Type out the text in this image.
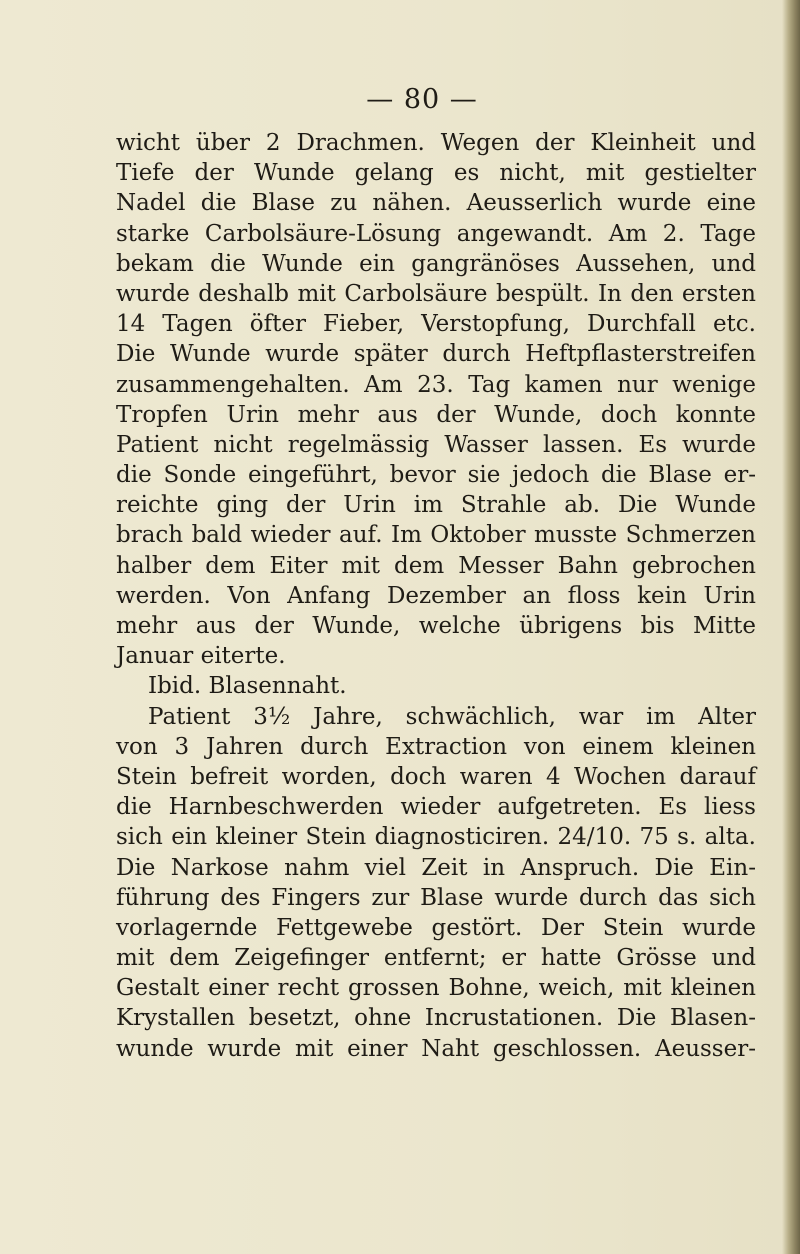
— 80 —
wicht über 2 Drachmen. Wegen der Kleinheit und
Tiefe der Wunde gelang es nicht, mit gestielter
Nadel die Blase zu nähen. Aeusserlich wurde eine
starke Carbolsäure-Lösung angewandt. Am 2. Tage
bekam die Wunde ein gangränöses Aussehen, und
wurde deshalb mit Carbolsäure bespült. In den ersten
14 Tagen öfter Fieber, Verstopfung, Durchfall etc.
Die Wunde wurde später durch Heftpflasterstreifen
zusammengehalten. Am 23. Tag kamen nur wenige
Tropfen Urin mehr aus der Wunde, doch konnte
Patient nicht regelmässig Wasser lassen. Es wurde
die Sonde eingeführt, bevor sie jedoch die Blase er-
reichte ging der Urin im Strahle ab. Die Wunde
brach bald wieder auf. Im Oktober musste Schmerzen
halber dem Eiter mit dem Messer Bahn gebrochen
werden. Von Anfang Dezember an floss kein Urin
mehr aus der Wunde, welche übrigens bis Mitte
Januar eiterte.
Ibid. Blasennaht.
Patient 3½ Jahre, schwächlich, war im Alter
von 3 Jahren durch Extraction von einem kleinen
Stein befreit worden, doch waren 4 Wochen darauf
die Harnbeschwerden wieder aufgetreten. Es liess
sich ein kleiner Stein diagnosticiren. 24/10. 75 s. alta.
Die Narkose nahm viel Zeit in Anspruch. Die Ein-
führung des Fingers zur Blase wurde durch das sich
vorlagernde Fettgewebe gestört. Der Stein wurde
mit dem Zeigefinger entfernt; er hatte Grösse und
Gestalt einer recht grossen Bohne, weich, mit kleinen
Krystallen besetzt, ohne Incrustationen. Die Blasen-
wunde wurde mit einer Naht geschlossen. Aeusser-
